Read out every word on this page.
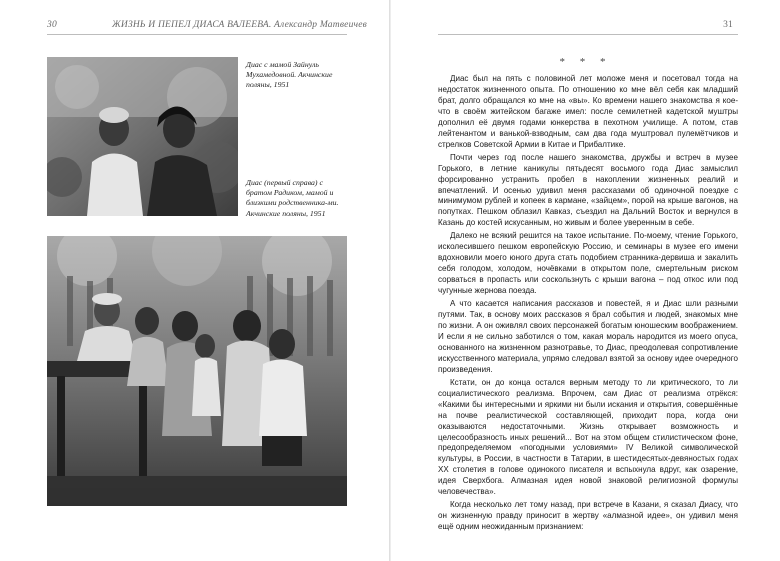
30	ЖИЗНЬ И ПЕПЕЛ ДИАСА ВАЛЕЕВА. Александр Матвеичев
Диас с мамой Зайнуль Мухамедовной. Акчинские поляны, 1951
Диас (первый справа) с братом Радиком, мамой и близкими родственника-ми. Акчинские поляны, 1951
31
* * *

Диас был на пять с половиной лет моложе меня и посетовал тогда на недостаток жизненного опыта. По отношению ко мне вёл себя как младший брат, долго обращался ко мне на «вы». Ко времени нашего знакомства я кое-что в своём житейском багаже имел: после семилетней кадетской муштры дополнил её двумя годами юнкерства в пехотном училище. А потом, став лейтенантом и ванькой-взводным, сам два года муштровал пулемётчиков и стрелков Советской Армии в Китае и Прибалтике.

Почти через год после нашего знакомства, дружбы и встреч в музее Горького, в летние каникулы пятьдесят восьмого года Диас замыслил форсированно устранить пробел в накоплении жизненных реалий и впечатлений. И осенью удивил меня рассказами об одиночной поездке с минимумом рублей и копеек в кармане, «зайцем», порой на крыше вагонов, на попутках. Пешком облазил Кавказ, съездил на Дальний Восток и вернулся в Казань до костей искусанным, но живым и более уверенным в себе.

Далеко не всякий решится на такое испытание. По-моему, чтение Горького, исколесившего пешком европейскую Россию, и семинары в музее его имени вдохновили моего юного друга стать подобием странника-дервиша и закалить себя голодом, холодом, ночёвками в открытом поле, смертельным риском сорваться в пропасть или соскользнуть с крыши вагона – под откос или под чугунные жернова поезда.

А что касается написания рассказов и повестей, я и Диас шли разными путями. Так, в основу моих рассказов я брал события и людей, знакомых мне по жизни. А он оживлял своих персонажей богатым юношеским воображением. И если я не сильно заботился о том, какая мораль народится из моего опуса, основанного на жизненном разнотравье, то Диас, преодолевая сопротивление искусственного материала, упрямо следовал взятой за основу идее очередного произведения.

Кстати, он до конца остался верным методу то ли критического, то ли социалистического реализма. Впрочем, сам Диас от реализма отрёкся: «Какими бы интересными и яркими ни были искания и открытия, совершённые на почве реалистической составляющей, приходит пора, когда они оказываются недостаточными. Жизнь открывает возможность и целесообразность иных решений... Вот на этом общем стилистическом фоне, предопределяемом «погодными условиями» IV Великой символической культуры, в России, в частности в Татарии, в шестидесятых-девяностых годах XX столетия в голове одинокого писателя и вспыхнула вдруг, как озарение, идея Сверхбога. Алмазная идея новой знаковой религиозной формулы человечества».

Когда несколько лет тому назад, при встрече в Казани, я сказал Диасу, что он жизненную правду приносит в жертву «алмазной идее», он удивил меня ещё одним неожиданным признанием:
